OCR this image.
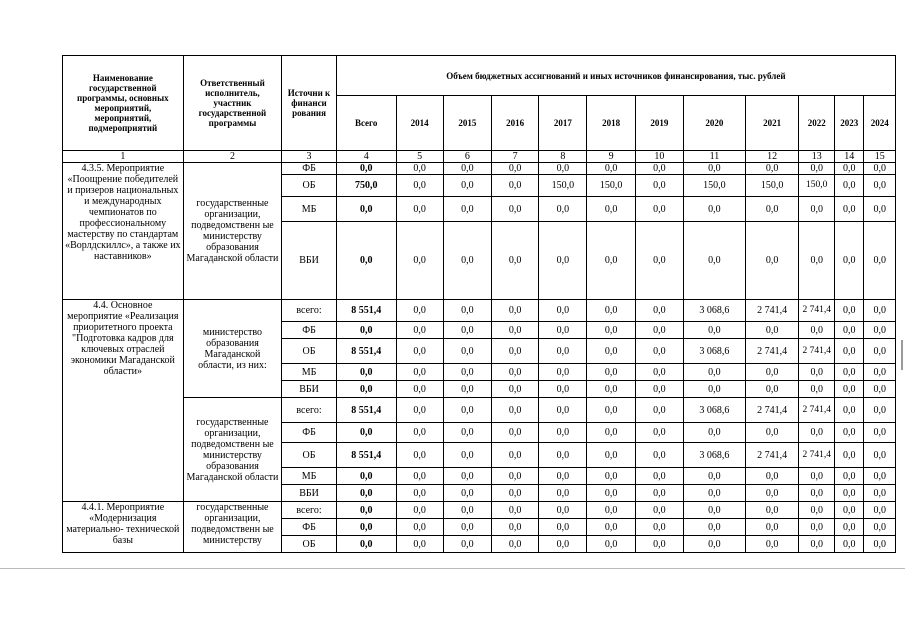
Наименование государственной программы, основных мероприятий, мероприятий, подмероприятий	Ответственный исполнитель, участник государственной программы	Источни к финанси рования	Объем бюджетных ассигнований и иных источников финансирования, тыс. рублей											
			Всего	2014	2015	2016	2017	2018	2019	2020	2021	2022	2023	2024
1	2	3	4	5	6	7	8	9	10	11	12	13	14	15
4.3.5. Мероприятие «Поощрение победителей и призеров национальных и международных чемпионатов по профессиональному мастерству по стандартам «Ворлдскиллс», а также их наставников»	государственные организации, подведомственн ые министерству образования Магаданской области	ФБ	0,0	0,0	0,0	0,0	0,0	0,0	0,0	0,0	0,0	0,0	0,0	0,0
		ОБ	750,0	0,0	0,0	0,0	150,0	150,0	0,0	150,0	150,0	150,0	0,0	0,0
		МБ	0,0	0,0	0,0	0,0	0,0	0,0	0,0	0,0	0,0	0,0	0,0	0,0
		ВБИ	0,0	0,0	0,0	0,0	0,0	0,0	0,0	0,0	0,0	0,0	0,0	0,0
4.4. Основное мероприятие «Реализация приоритетного проекта "Подготовка кадров для ключевых отраслей экономики Магаданской области»	министерство образования Магаданской области, из них:	всего:	8 551,4	0,0	0,0	0,0	0,0	0,0	0,0	3 068,6	2 741,4	2 741,4	0,0	0,0
		ФБ	0,0	0,0	0,0	0,0	0,0	0,0	0,0	0,0	0,0	0,0	0,0	0,0
		ОБ	8 551,4	0,0	0,0	0,0	0,0	0,0	0,0	3 068,6	2 741,4	2 741,4	0,0	0,0
		МБ	0,0	0,0	0,0	0,0	0,0	0,0	0,0	0,0	0,0	0,0	0,0	0,0
		ВБИ	0,0	0,0	0,0	0,0	0,0	0,0	0,0	0,0	0,0	0,0	0,0	0,0
	государственные организации, подведомственн ые министерству образования Магаданской области	всего:	8 551,4	0,0	0,0	0,0	0,0	0,0	0,0	3 068,6	2 741,4	2 741,4	0,0	0,0
		ФБ	0,0	0,0	0,0	0,0	0,0	0,0	0,0	0,0	0,0	0,0	0,0	0,0
		ОБ	8 551,4	0,0	0,0	0,0	0,0	0,0	0,0	3 068,6	2 741,4	2 741,4	0,0	0,0
		МБ	0,0	0,0	0,0	0,0	0,0	0,0	0,0	0,0	0,0	0,0	0,0	0,0
		ВБИ	0,0	0,0	0,0	0,0	0,0	0,0	0,0	0,0	0,0	0,0	0,0	0,0
4.4.1. Мероприятие «Модернизация материально- технической базы	государственные организации, подведомственн ые министерству	всего:	0,0	0,0	0,0	0,0	0,0	0,0	0,0	0,0	0,0	0,0	0,0	0,0
		ФБ	0,0	0,0	0,0	0,0	0,0	0,0	0,0	0,0	0,0	0,0	0,0	0,0
		ОБ	0,0	0,0	0,0	0,0	0,0	0,0	0,0	0,0	0,0	0,0	0,0	0,0
